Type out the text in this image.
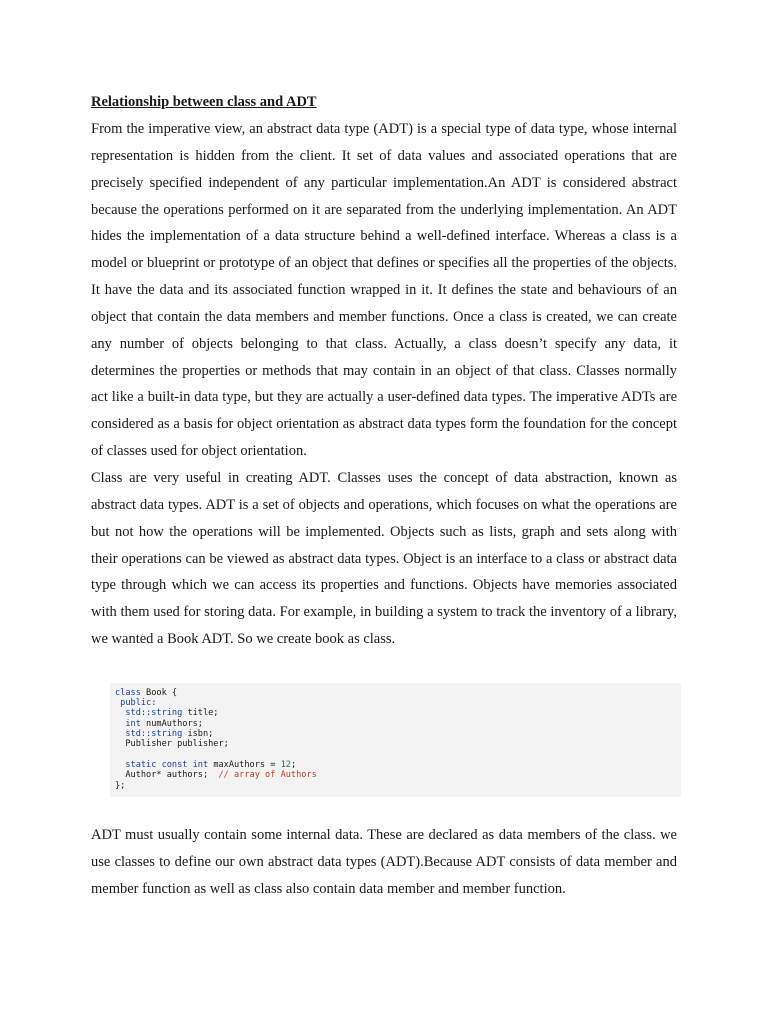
Relationship between class and ADT

From the imperative view, an abstract data type (ADT) is a special type of data type, whose internal representation is hidden from the client. It set of data values and associated operations that are precisely specified independent of any particular implementation.An ADT is considered abstract because the operations performed on it are separated from the underlying implementation. An ADT hides the implementation of a data structure behind a well-defined interface. Whereas a class is a model or blueprint or prototype of an object that defines or specifies all the properties of the objects. It have the data and its associated function wrapped in it. It defines the state and behaviours of an object that contain the data members and member functions. Once a class is created, we can create any number of objects belonging to that class. Actually, a class doesn’t specify any data, it determines the properties or methods that may contain in an object of that class. Classes normally act like a built-in data type, but they are actually a user-defined data types. The imperative ADTs are considered as a basis for object orientation as abstract data types form the foundation for the concept of classes used for object orientation.

Class are very useful in creating ADT. Classes uses the concept of data abstraction, known as abstract data types. ADT is a set of objects and operations, which focuses on what the operations are but not how the operations will be implemented. Objects such as lists, graph and sets along with their operations can be viewed as abstract data types. Object is an interface to a class or abstract data type through which we can access its properties and functions. Objects have memories associated with them used for storing data. For example, in building a system to track the inventory of a library, we wanted a Book ADT. So we create book as class.

class Book {
public:
std::string title;
int numAuthors;
std::string isbn;
Publisher publisher;
static const int maxAuthors = 12;
Author* authors;  // array of Authors
};

ADT must usually contain some internal data. These are declared as data members of the class. we use classes to define our own abstract data types (ADT).Because ADT consists of data member and member function as well as class also contain data member and member function.
